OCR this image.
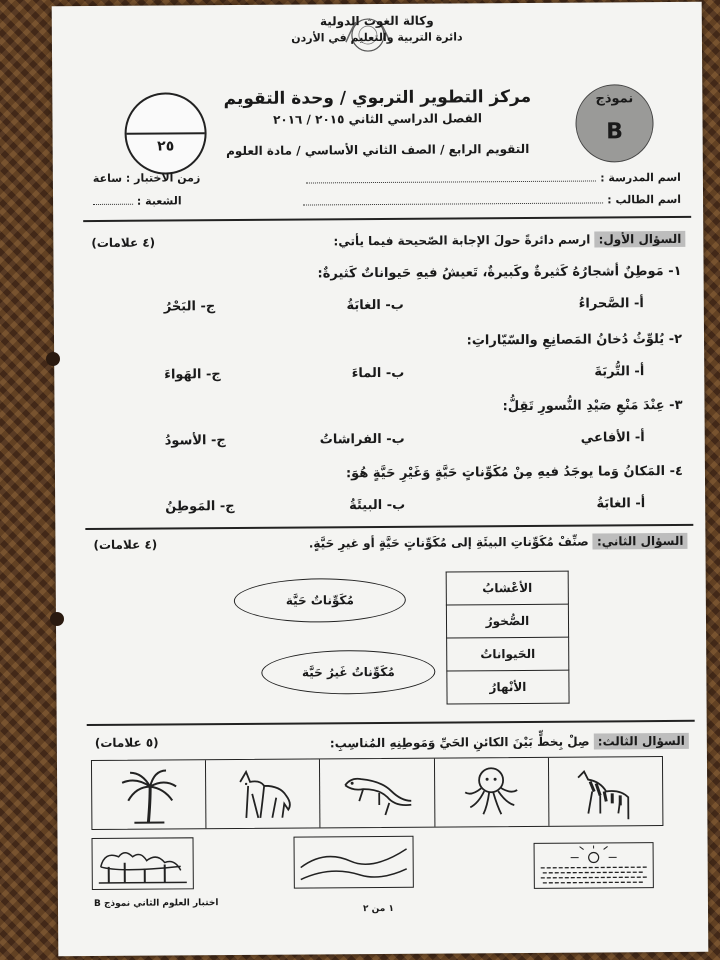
وكالة الغوث الدولية
دائرة التربية والتعليم في الأردن
مركز التطوير التربوي / وحدة التقويم
الفصل الدراسي الثاني ٢٠١٥ / ٢٠١٦
التقويم الرابع / الصف الثاني الأساسي / مادة العلوم
نموذج
B
٢٥
اسم المدرسة :
اسم الطالب :
زمن الاختبار : ساعة
الشعبة :
السؤال الأول: ارسم دائرةً حولَ الإجابة الصّحيحة فيما يأتي:
(٤ علامات)
١- مَوطِنٌ أشجارُهُ كَثيرةٌ وكَبيرةٌ، تَعيشُ فيهِ حَيواناتٌ كَثيرةٌ:
أ- الصَّحراءُ
ب- الغابَةُ
ج- البَحْرُ
٢- يُلوِّثُ دُخانُ المَصانِعِ والسّيّاراتِ:
أ- التُّربَةَ
ب- الماءَ
ج- الهَواءَ
٣- عِنْدَ مَنْعِ صَيْدِ النُّسورِ تَقِلُّ:
أ- الأفاعي
ب- الفراشاتُ
ج- الأسودُ
٤- المَكانُ وَما يوجَدُ فيهِ مِنْ مُكَوِّناتٍ حَيَّةٍ وَغَيْرِ حَيَّةٍ هُوَ:
أ- الغابَةُ
ب- البيئَةُ
ج- المَوطِنُ
السؤال الثاني: صنِّفْ مُكَوِّناتِ البيئَةِ إلى مُكَوِّناتٍ حَيَّةٍ أو غيرِ حَيَّةٍ.
(٤ علامات)
الأعْشابُ
الصُّخورُ
الحَيواناتُ
الأنْهارُ
مُكَوِّناتٌ حَيَّة
مُكَوِّناتٌ غَيرُ حَيَّة
السؤال الثالث: صِلْ بِخطٍّ بَيْنَ الكائنِ الحَيِّ وَمَوطِنِهِ المُناسِبِ:
(٥ علامات)
١ من ٢
اختبار العلوم الثاني نموذج B
